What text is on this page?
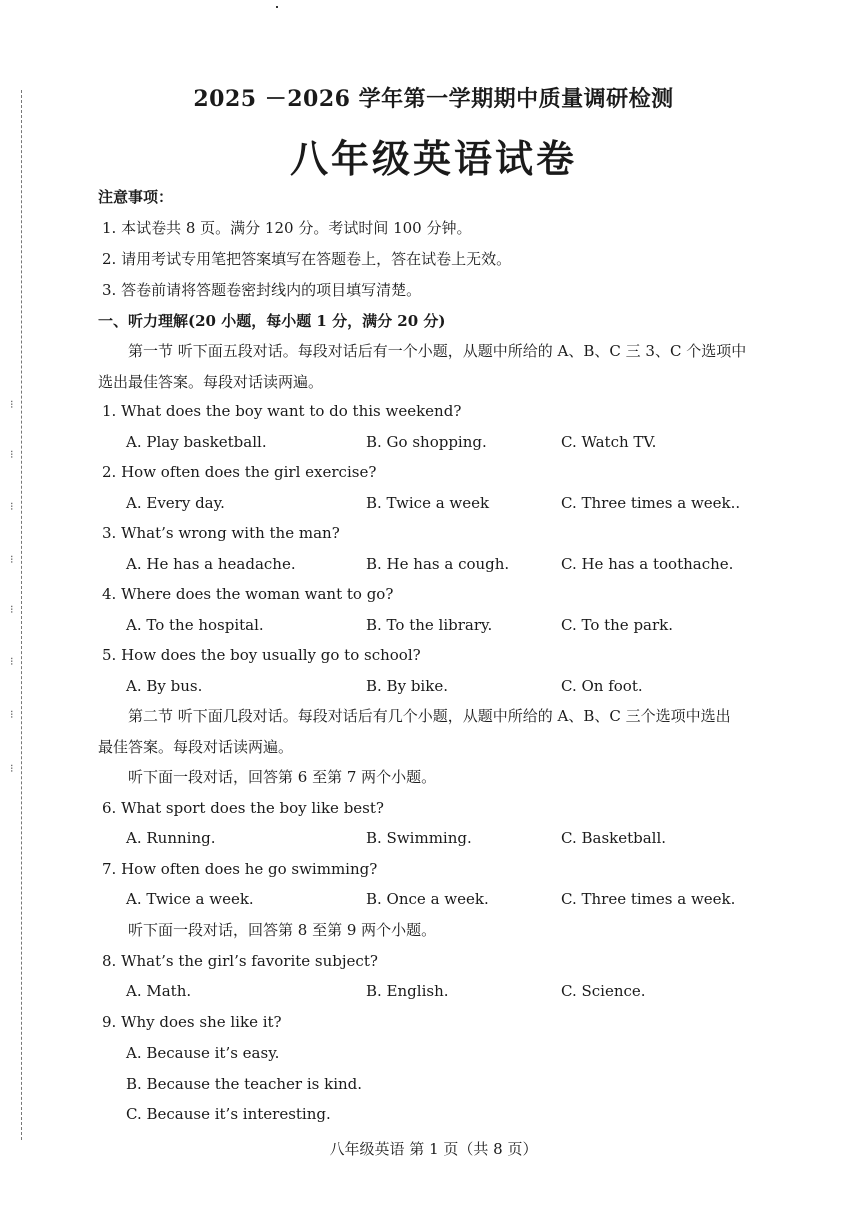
⁝
⁝
⁝
⁝
⁝
⁝
⁝
⁝
2025 －2026 学年第一学期期中质量调研检测
八年级英语试卷
注意事项：
1. 本试卷共 8 页。满分 120 分。考试时间 100 分钟。
2. 请用考试专用笔把答案填写在答题卷上，答在试卷上无效。
3. 答卷前请将答题卷密封线内的项目填写清楚。
一、听力理解(20 小题，每小题 1 分，满分 20 分)
第一节 听下面五段对话。每段对话后有一个小题，从题中所给的 A、B、C 三 3、C 个选项中
选出最佳答案。每段对话读两遍。
1. What does the boy want to do this weekend?
A. Play basketball.	B. Go shopping.	C. Watch TV.
2. How often does the girl exercise?
A. Every day.	B. Twice a week	C. Three times a week..
3. What’s wrong with the man?
A. He has a headache.	B. He has a cough.	C. He has a toothache.
4. Where does the woman want to go?
A. To the hospital.	B. To the library.	C. To the park.
5. How does the boy usually go to school?
A. By bus.	B. By bike.	C. On foot.
第二节 听下面几段对话。每段对话后有几个小题，从题中所给的 A、B、C 三个选项中选出
最佳答案。每段对话读两遍。
听下面一段对话，回答第 6 至第 7 两个小题。
6. What sport does the boy like best?
A. Running.	B. Swimming.	C. Basketball.
7. How often does he go swimming?
A. Twice a week.	B. Once a week.	C. Three times a week.
听下面一段对话，回答第 8 至第 9 两个小题。
8. What’s the girl’s favorite subject?
A. Math.	B. English.	C. Science.
9. Why does she like it?
A. Because it’s easy.
B. Because the teacher is kind.
C. Because it’s interesting.
八年级英语 第 1 页（共 8 页）
